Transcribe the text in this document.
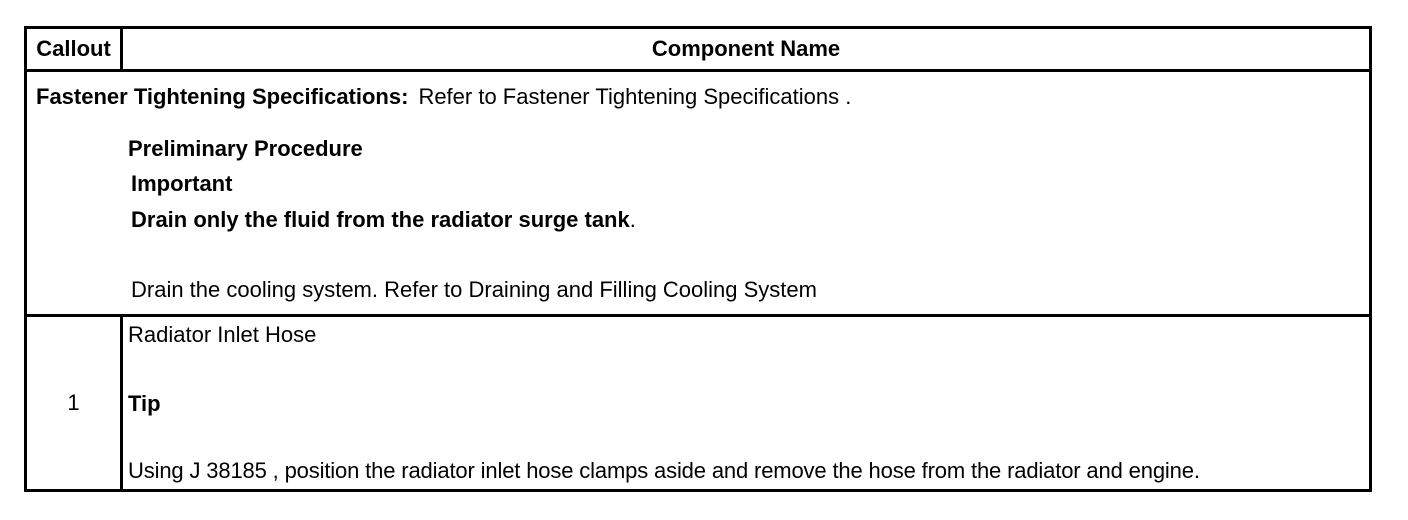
Callout	Component Name
Fastener Tightening Specifications: Refer to Fastener Tightening Specifications .
Preliminary Procedure
Important
Drain only the fluid from the radiator surge tank.
Drain the cooling system. Refer to Draining and Filling Cooling System
1
Radiator Inlet Hose
Tip
Using J 38185 , position the radiator inlet hose clamps aside and remove the hose from the radiator and engine.
